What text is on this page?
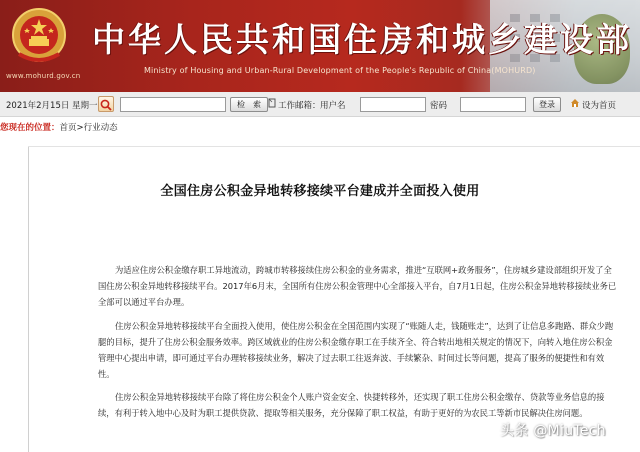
www.mohurd.gov.cn
中华人民共和国住房和城乡建设部
Ministry of Housing and Urban-Rural Development of the People's Republic of China(MOHURD)
2021年2月15日 星期一	检　索	工作邮箱： 用户名	密码	登录	设为首页
您现在的位置：首页>行业动态
全国住房公积金异地转移接续平台建成并全面投入使用

为适应住房公积金缴存职工异地流动，跨城市转移接续住房公积金的业务需求，推进“互联网+政务服务”，住房城乡建设部组织开发了全国住房公积金异地转移接续平台。2017年6月末，全国所有住房公积金管理中心全部接入平台，自7月1日起，住房公积金异地转移接续业务已全部可以通过平台办理。

住房公积金异地转移接续平台全面投入使用，使住房公积金在全国范围内实现了“账随人走，钱随账走”，达到了让信息多跑路、群众少跑腿的目标，提升了住房公积金服务效率。跨区域就业的住房公积金缴存职工在手续齐全、符合转出地相关规定的情况下，向转入地住房公积金管理中心提出申请，即可通过平台办理转移接续业务，解决了过去职工往返奔波、手续繁杂、时间过长等问题，提高了服务的便捷性和有效性。

住房公积金异地转移接续平台除了将住房公积金个人账户资金安全、快捷转移外，还实现了职工住房公积金缴存、贷款等业务信息的接续，有利于转入地中心及时为职工提供贷款、提取等相关服务，充分保障了职工权益，有助于更好的为农民工等新市民解决住房问题。

头条 @MiuTech
